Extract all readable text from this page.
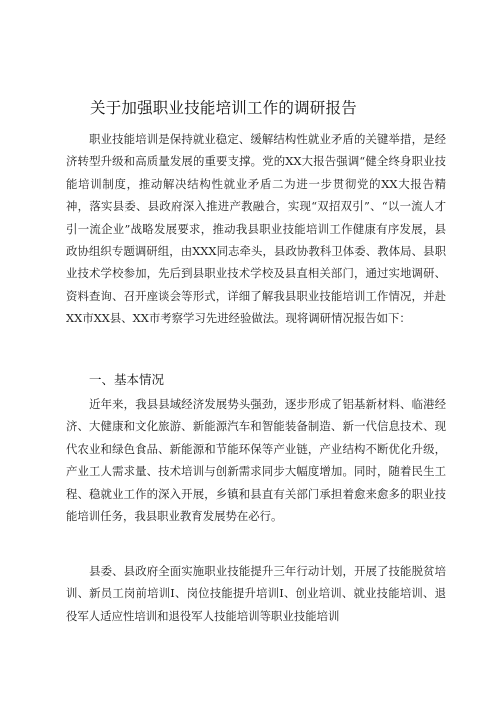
关于加强职业技能培训工作的调研报告
职业技能培训是保持就业稳定、缓解结构性就业矛盾的关键举措，是经济转型升级和高质量发展的重要支撑。党的XX大报告强调“健全终身职业技能培训制度，推动解决结构性就业矛盾二为进一步贯彻党的XX大报告精神，落实县委、县政府深入推进产教融合，实现“双招双引”、“以一流人才引一流企业”战略发展要求，推动我县职业技能培训工作健康有序发展，县政协组织专题调研组，由XXX同志牵头，县政协教科卫体委、教体局、县职业技术学校参加，先后到县职业技术学校及县直相关部门，通过实地调研、资料查询、召开座谈会等形式，详细了解我县职业技能培训工作情况，并赴XX市XX县、XX市考察学习先进经验做法。现将调研情况报告如下：
一、基本情况
近年来，我县县域经济发展势头强劲，逐步形成了铝基新材料、临港经济、大健康和文化旅游、新能源汽车和智能装备制造、新一代信息技术、现代农业和绿色食品、新能源和节能环保等产业链，产业结构不断优化升级，产业工人需求量、技术培训与创新需求同步大幅度增加。同时，随着民生工程、稳就业工作的深入开展，乡镇和县直有关部门承担着愈来愈多的职业技能培训任务，我县职业教育发展势在必行。
县委、县政府全面实施职业技能提升三年行动计划，开展了技能脱贫培训、新员工岗前培训Ⅰ、岗位技能提升培训Ⅰ、创业培训、就业技能培训、退役军人适应性培训和退役军人技能培训等职业技能培训
